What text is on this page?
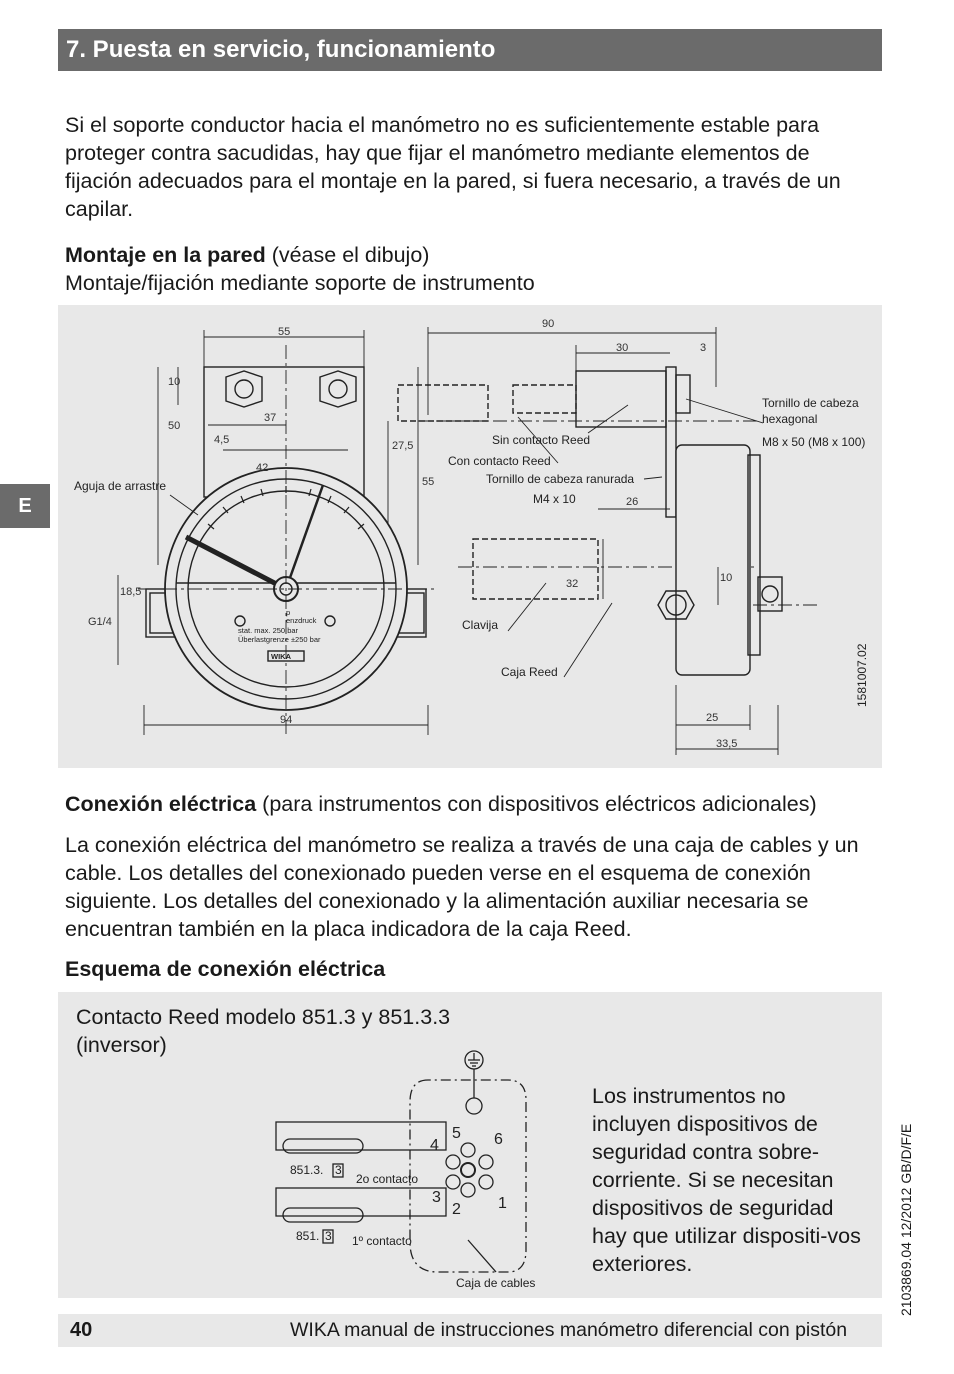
7. Puesta en servicio, funcionamiento
E
Si el soporte conductor hacia el manómetro no es suficientemente estable para proteger contra sacudidas, hay que fijar el manómetro mediante elementos de fijación adecuados para el montaje en la pared, si fuera necesario, a través de un capilar.
Montaje en la pared (véase el dibujo)
Montaje/fijación mediante soporte de instrumento
55
10
50
37
27,5
4,5
42
55
18,5
G1/4
94
90
30	3
26
32	10
25
33,5
p
enzdruck
stat. max. 250 bar
Überlastgrenze ±250 bar
WIKA
Aguja de arrastre
Sin contacto Reed
Con contacto Reed
Tornillo de cabeza ranurada
M4 x 10
Tornillo de cabeza
hexagonal
M8 x 50 (M8 x 100)
Clavija
Caja Reed	1581007.02
Conexión eléctrica (para instrumentos con dispositivos eléctricos adicionales)
La conexión eléctrica del manómetro se realiza a través de una caja de cables y un cable. Los detalles del conexionado pueden verse en el esquema de conexión siguiente. Los detalles del conexionado y la alimentación auxiliar necesaria se encuentran también en la placa indicadora de la caja Reed.
Esquema de conexión eléctrica
4
5 6
3
2 1
851.3. 3
2o contacto
851. 3 1º contacto
Caja de cables
Contacto Reed modelo 851.3 y 851.3.3
(inversor)
Los instrumentos no incluyen dispositivos de seguridad contra sobre-corriente. Si se necesitan dispositivos de seguridad hay que utilizar dispositi-vos exteriores.
40	WIKA manual de instrucciones manómetro diferencial con pistón
2103869.04 12/2012 GB/D/F/E
